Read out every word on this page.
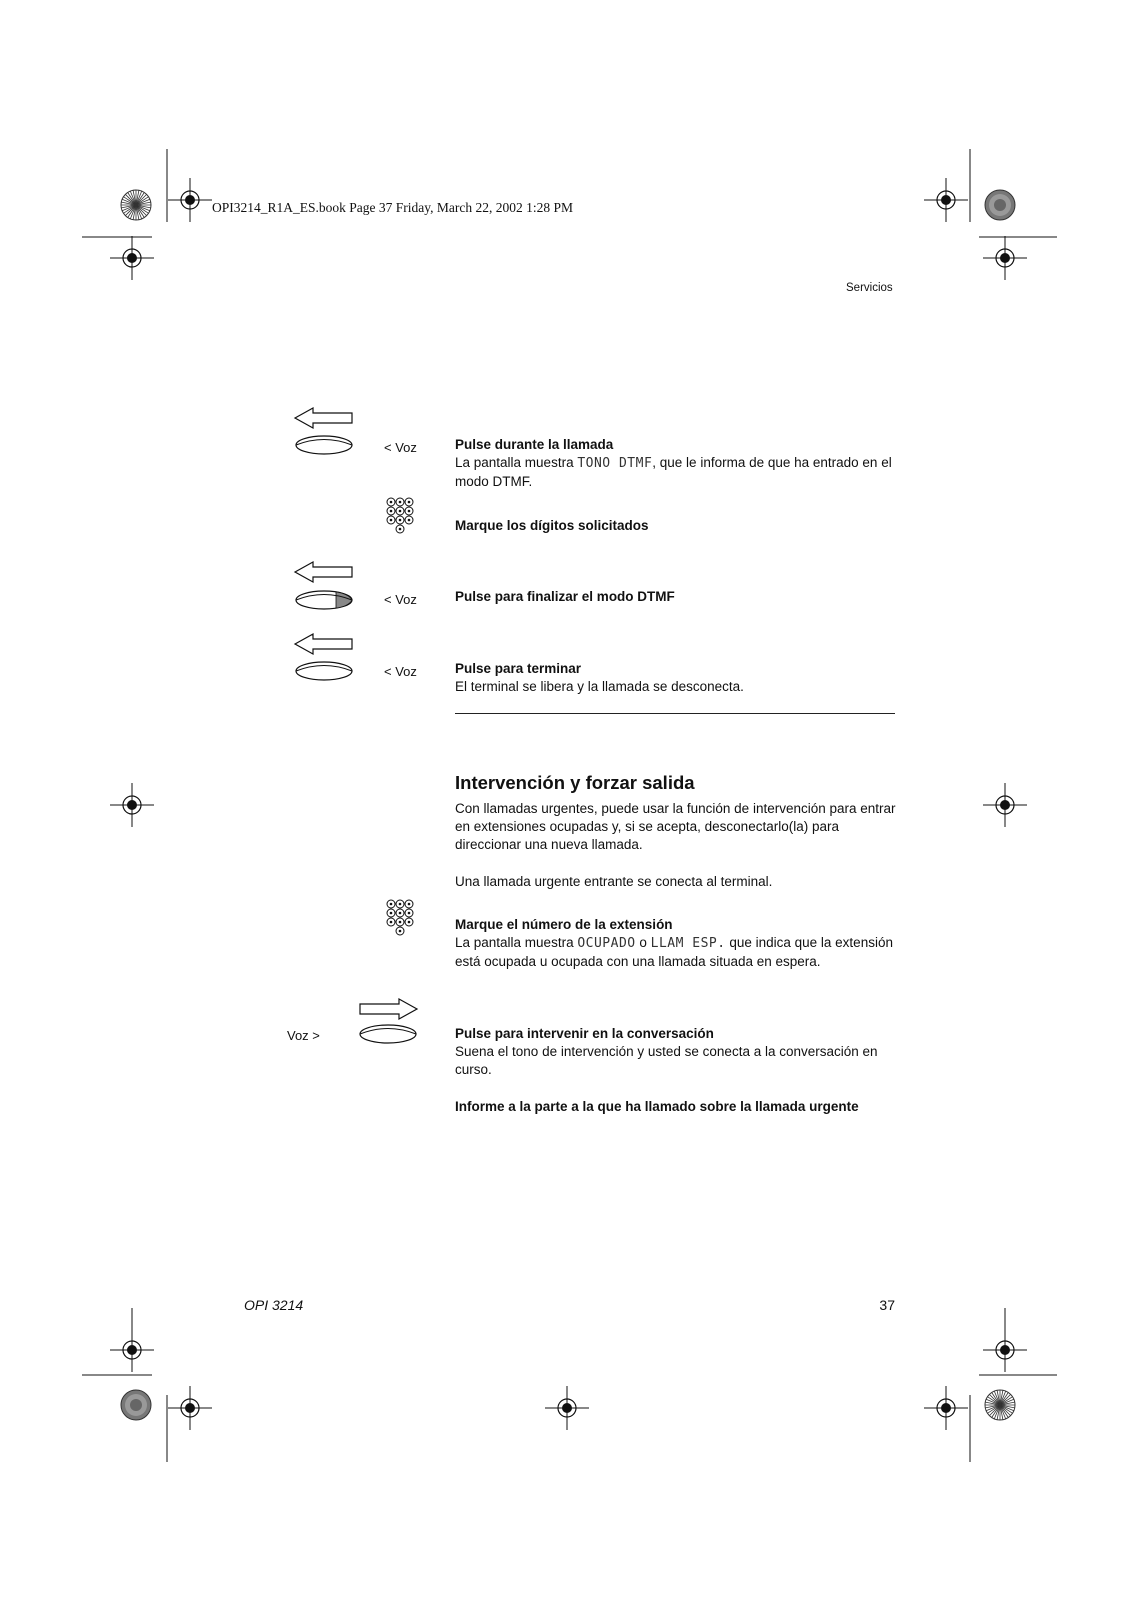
OPI3214_R1A_ES.book Page 37 Friday, March 22, 2002 1:28 PM
Servicios
< Voz	Pulse durante la llamada

La pantalla muestra TONO DTMF, que le informa de que ha entrado en el modo DTMF.

Marque los dígitos solicitados
< Voz	Pulse para finalizar el modo DTMF
< Voz	Pulse para terminar

El terminal se libera y la llamada se desconecta.

Intervención y forzar salida
Con llamadas urgentes, puede usar la función de intervención para entrar en extensiones ocupadas y, si se acepta, desconectarlo(la) para direccionar una nueva llamada.
Una llamada urgente entrante se conecta al terminal.

Marque el número de la extensión

La pantalla muestra OCUPADO o LLAM ESP. que indica que la extensión está ocupada u ocupada con una llamada situada en espera.

Voz >	Pulse para intervenir en la conversación

Suena el tono de intervención y usted se conecta a la conversación en curso.

Informe a la parte a la que ha llamado sobre la llamada urgente
OPI 3214	37
